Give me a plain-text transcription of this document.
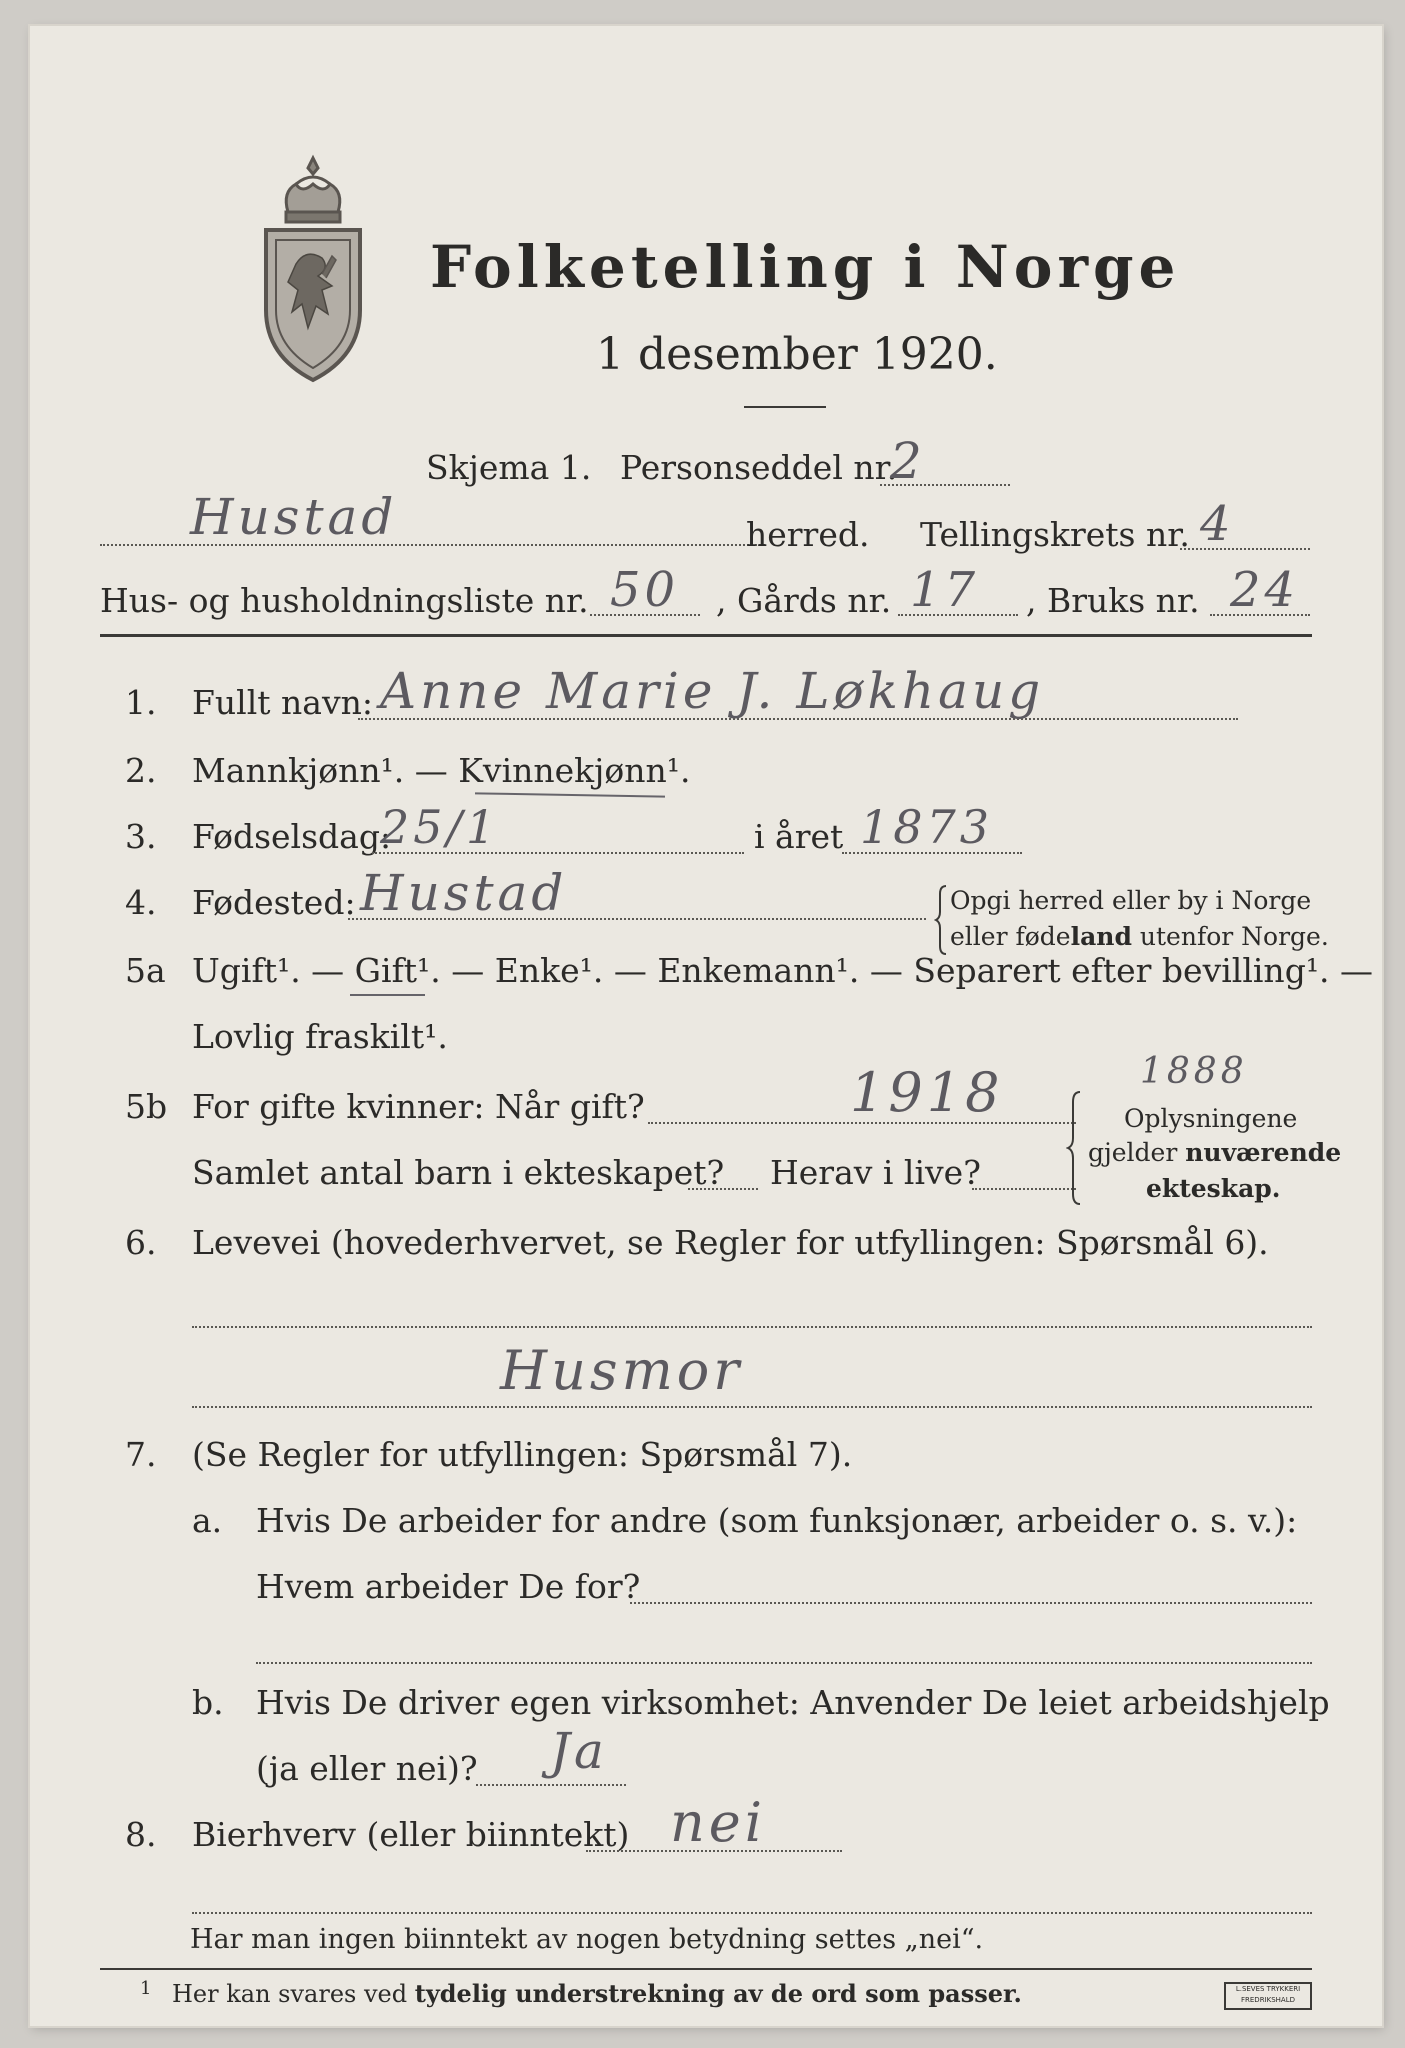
Folketelling i Norge
1 desember 1920.
Skjema 1. Personseddel nr.
2
Hustad	herred. Tellingskrets nr. 4
Hus- og husholdningsliste nr. 50 , Gårds nr. 17 , Bruks nr. 24
1. Fullt navn: Anne Marie J. Løkhaug
2. Mannkjønn¹. — Kvinnekjønn¹.
3. Fødselsdag:
25/1	i året 1873
4. Fødested: Hustad	Opgi herred eller by i Norge
eller fødeland utenfor Norge.
5a Ugift¹. — Gift¹. — Enke¹. — Enkemann¹. — Separert efter bevilling¹. —
Lovlig fraskilt¹.
5b For gifte kvinner: Når gift?	1918	1888
Samlet antal barn i ekteskapet? Herav i live?
Oplysningene
gjelder nuværende
ekteskap.
6. Levevei (hovederhvervet, se Regler for utfyllingen: Spørsmål 6).
Husmor
7. (Se Regler for utfyllingen: Spørsmål 7).
a. Hvis De arbeider for andre (som funksjonær, arbeider o. s. v.):
Hvem arbeider De for?
b. Hvis De driver egen virksomhet: Anvender De leiet arbeidshjelp
(ja eller nei)? Ja
8. Bierhverv (eller biinntekt) nei
Har man ingen biinntekt av nogen betydning settes „nei“.
1 Her kan svares ved tydelig understrekning av de ord som passer.	L.SEVES TRYKKERI FREDRIKSHALD
